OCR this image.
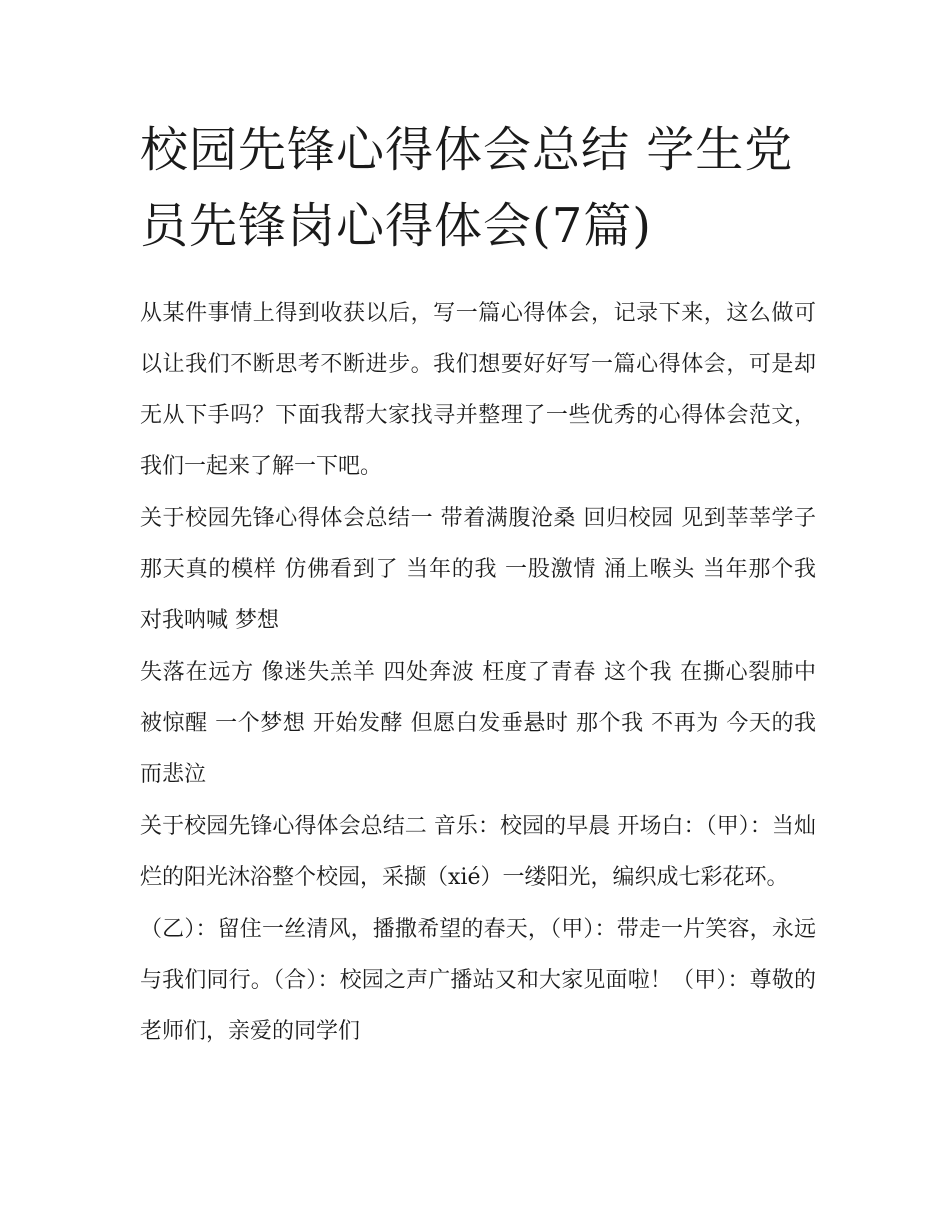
校园先锋心得体会总结 学生党员先锋岗心得体会(7篇)

从某件事情上得到收获以后，写一篇心得体会，记录下来，这么做可以让我们不断思考不断进步。我们想要好好写一篇心得体会，可是却无从下手吗？下面我帮大家找寻并整理了一些优秀的心得体会范文，我们一起来了解一下吧。

关于校园先锋心得体会总结一 带着满腹沧桑 回归校园 见到莘莘学子 那天真的模样 仿佛看到了 当年的我 一股激情 涌上喉头 当年那个我 对我呐喊 梦想

失落在远方 像迷失羔羊 四处奔波 枉度了青春 这个我 在撕心裂肺中 被惊醒 一个梦想 开始发酵 但愿白发垂悬时 那个我 不再为 今天的我而悲泣

关于校园先锋心得体会总结二 音乐：校园的早晨 开场白：（甲）：当灿烂的阳光沐浴整个校园，采撷（xié）一缕阳光，编织成七彩花环。

（乙）：留住一丝清风，播撒希望的春天，（甲）：带走一片笑容，永远与我们同行。（合）：校园之声广播站又和大家见面啦！（甲）：尊敬的老师们，亲爱的同学们
